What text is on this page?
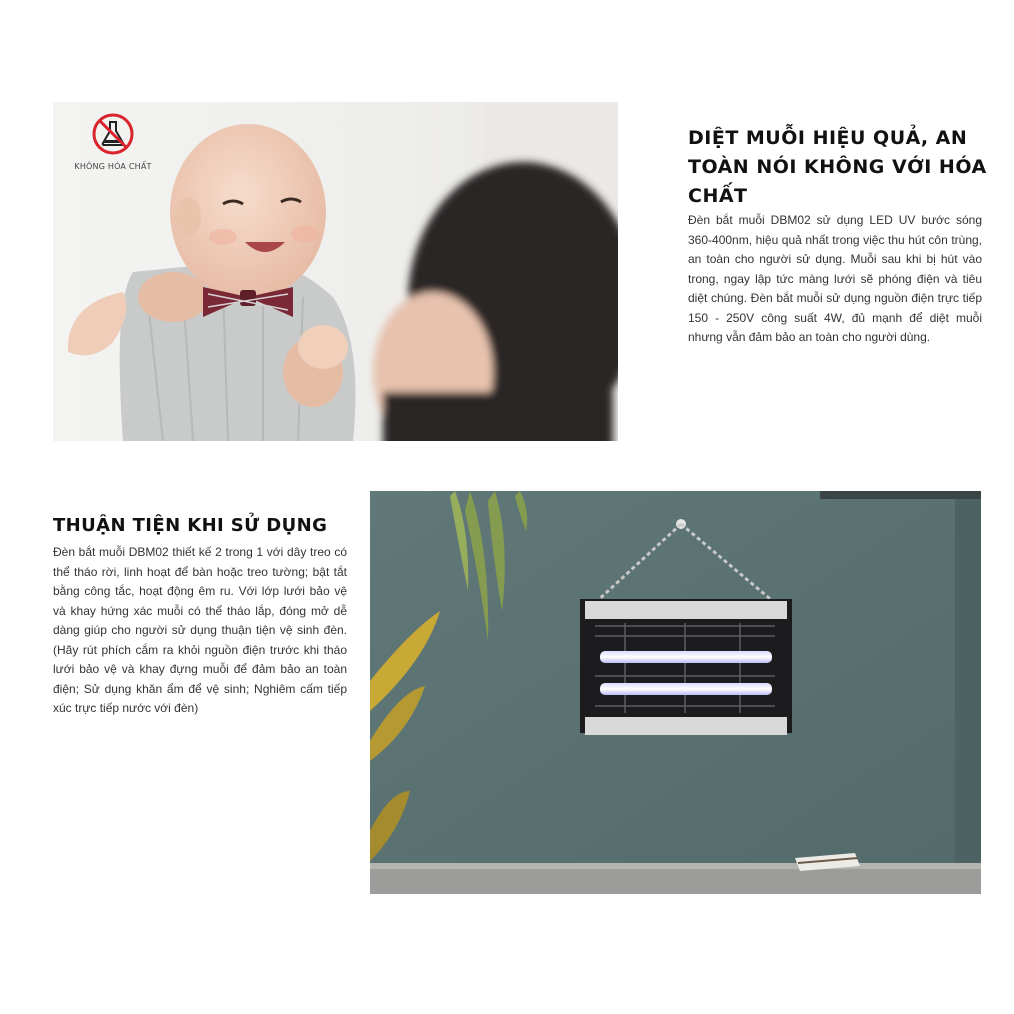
KHÔNG HÓA CHẤT
DIỆT MUỖI HIỆU QUẢ, AN TOÀN NÓI KHÔNG VỚI HÓA CHẤT

Đèn bắt muỗi DBM02 sử dụng LED UV bước sóng 360-400nm, hiệu quả nhất trong việc thu hút côn trùng, an toàn cho người sử dụng. Muỗi sau khi bị hút vào trong, ngay lập tức màng lưới sẽ phóng điện và tiêu diệt chúng. Đèn bắt muỗi sử dụng nguồn điện trực tiếp 150 - 250V công suất 4W, đủ mạnh để diệt muỗi nhưng vẫn đảm bảo an toàn cho người dùng.

THUẬN TIỆN KHI SỬ DỤNG

Đèn bắt muỗi DBM02 thiết kế 2 trong 1 với dây treo có thể tháo rời, linh hoạt để bàn hoặc treo tường; bật tắt bằng công tắc, hoạt động êm ru. Với lớp lưới bảo vệ và khay hứng xác muỗi có thể tháo lắp, đóng mở dễ dàng giúp cho người sử dụng thuận tiện vệ sinh đèn. (Hãy rút phích cắm ra khỏi nguồn điện trước khi tháo lưới bảo vệ và khay đựng muỗi để đảm bảo an toàn điện; Sử dụng khăn ẩm để vệ sinh; Nghiêm cấm tiếp xúc trực tiếp nước với đèn)
